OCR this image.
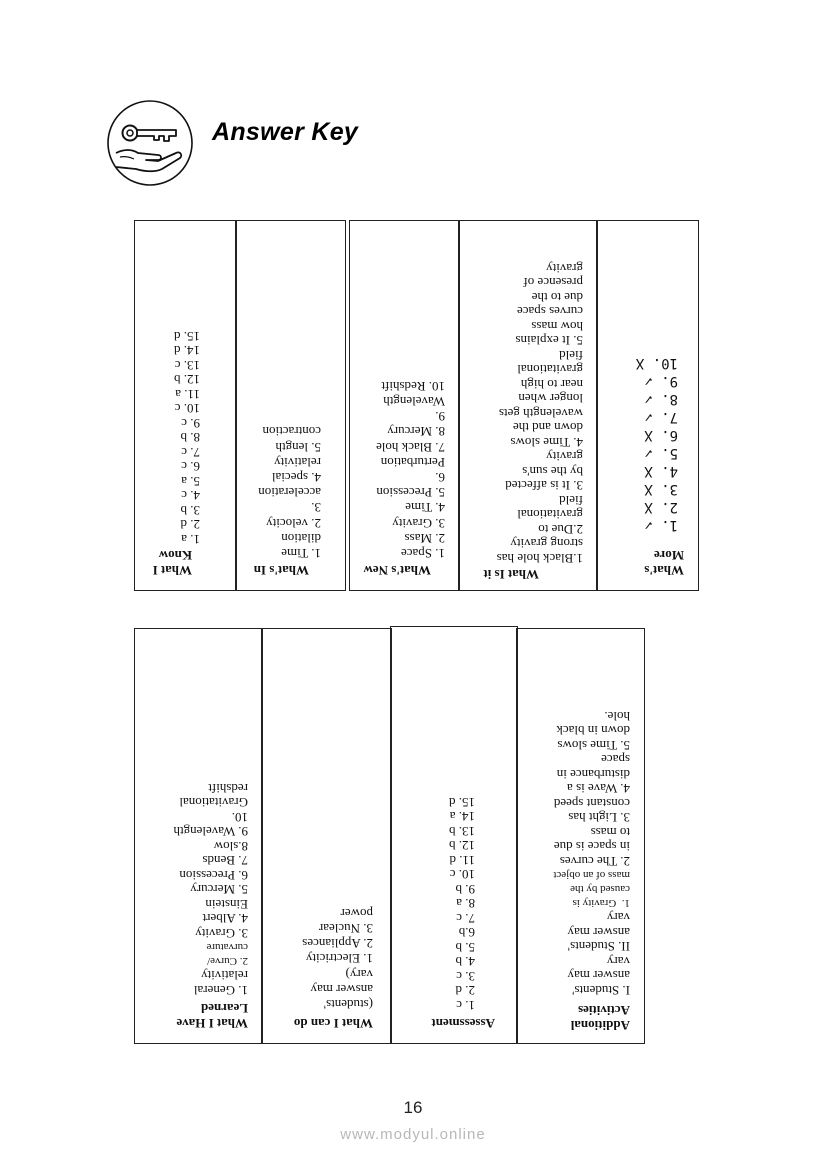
Answer Key
What's
More
1. ✓
2. X
3. X
4. X
5. ✓
6. X
7. ✓
8. ✓
9. ✓
10. X
What Is it
1.Black hole has
strong gravity
2.Due to
gravitational
field
3. It is affected
by the sun's
gravity
4. Time slows
down and the
wavelength gets
longer when
near to high
gravitational
field
5. It explains
how mass
curves space
due to the
presence of
gravity
What's New
1. Space
2. Mass
3. Gravity
4. Time
5. Precession
6.
Perturbation
7. Black hole
8. Mercury
9.
Wavelength
10. Redshift
What's In
1. Time
dilation
2. velocity
3.
acceleration
4. special
relativity
5. length
contraction
What I
Know
1. a
2. d
3. b
4. c
5. a
6. c
7. c
8. b
9. c
10. c
11. a
12. b
13. c
14. d
15. d
Additional
Activities
I. Students'
answer may
vary
II. Students'
answer may
vary
1.  Gravity is
caused by the
mass of an object
2. The curves
in space is due
to mass
3. Light has
constant speed
4. Wave is a
disturbance in
space
5. Time slows
down in black
hole.
Assessment
1. c
2. d
3. c
4. b
5. b
6.b
7. c
8. a
9. b
10. c
11. d
12. b
13. b
14. a
15. d
What I can do
(students'
answer may
vary)
1. Electricity
2. Appliances
3. Nuclear
power
What I Have
Learned
1. General
relativity
2. Curve/
curvature
3. Gravity
4. Albert
Einstein
5. Mercury
6. Precession
7. Bends
8.slow
9. Wavelength
10.
Gravitational
redshift
16
www.modyul.online
